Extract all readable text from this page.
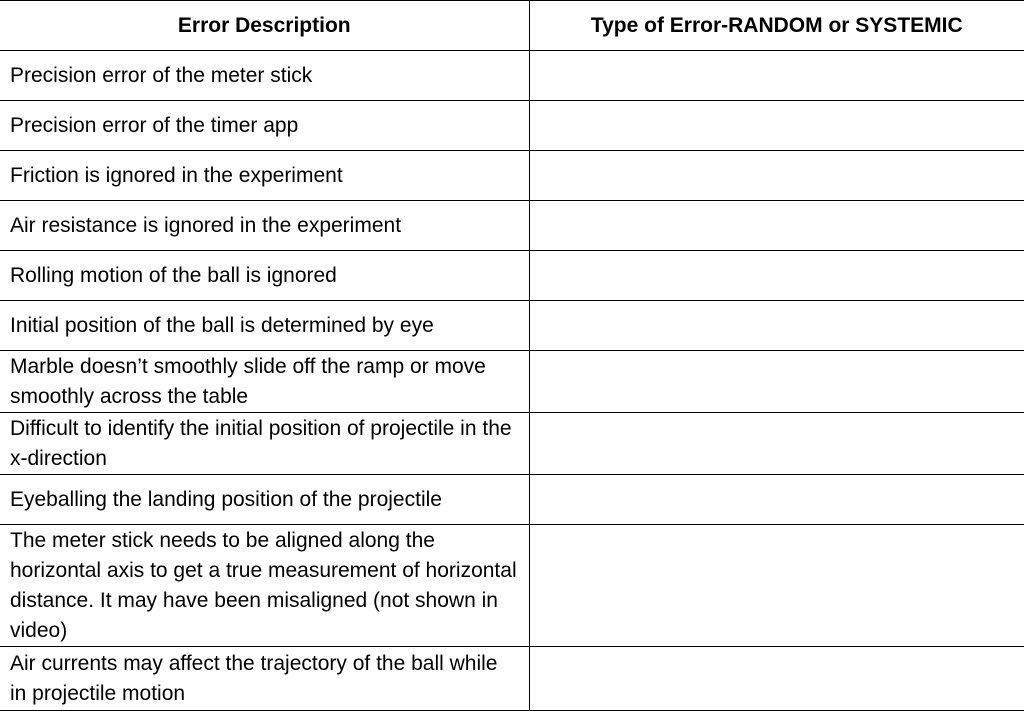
Error Description	Type of Error-RANDOM or SYSTEMIC
Precision error of the meter stick	
Precision error of the timer app	
Friction is ignored in the experiment	
Air resistance is ignored in the experiment	
Rolling motion of the ball is ignored	
Initial position of the ball is determined by eye	
Marble doesn’t smoothly slide off the ramp or move smoothly across the table	
Difficult to identify the initial position of projectile in the x-direction	
Eyeballing the landing position of the projectile	
The meter stick needs to be aligned along the horizontal axis to get a true measurement of horizontal distance. It may have been misaligned (not shown in video)	
Air currents may affect the trajectory of the ball while in projectile motion	
